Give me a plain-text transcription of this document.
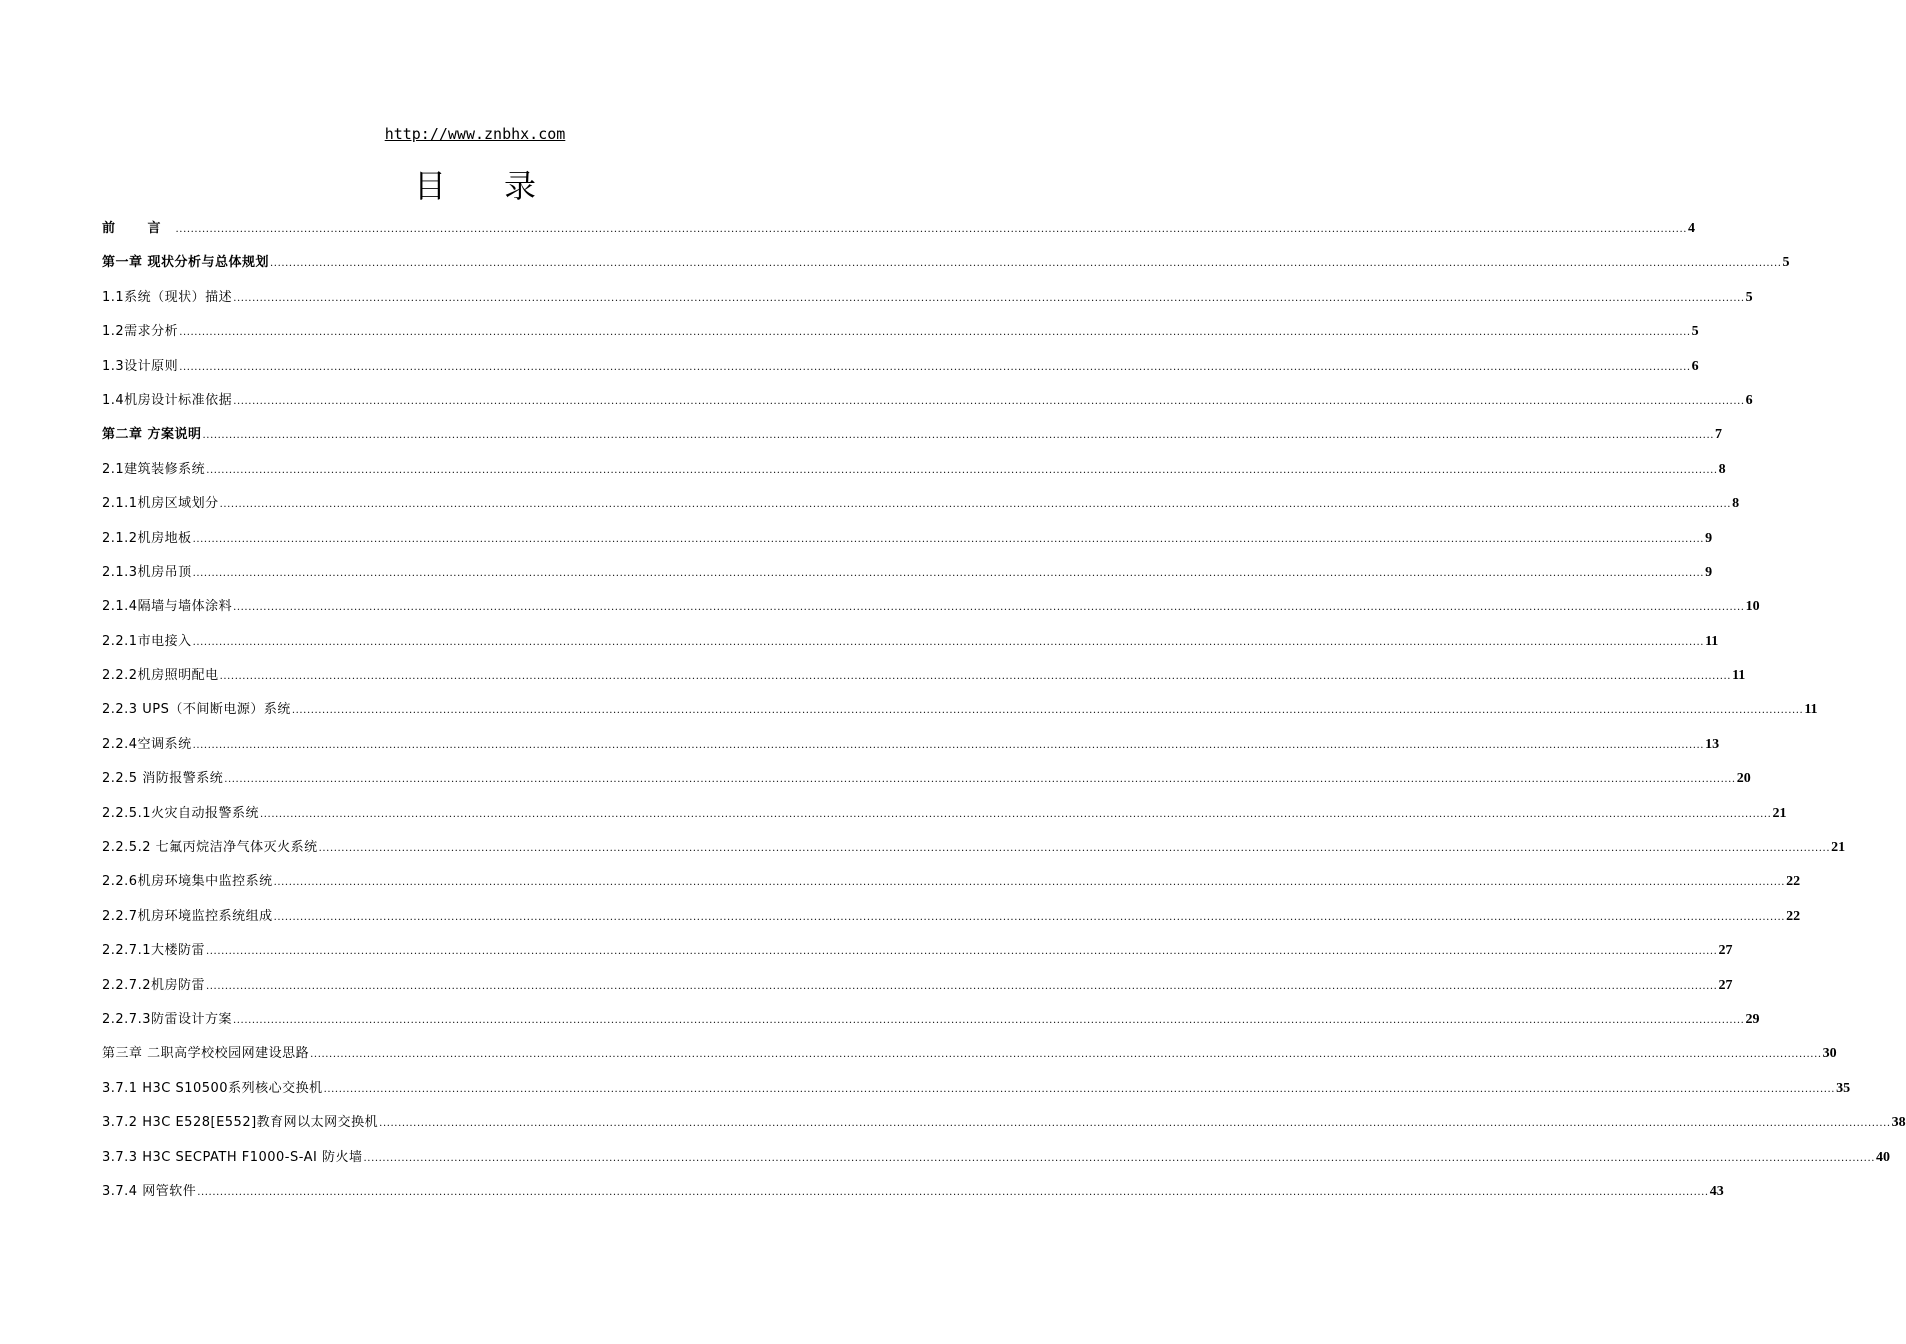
http://www.znbhx.com
目 录
前 言 ................................................................................................................................................................................................................................................................................................................................................................................................................ 4
第一章 现状分析与总体规划 ................................................................................................................................................................................................................................................................................................................................................................................................................ 5
1.1系统（现状）描述 ................................................................................................................................................................................................................................................................................................................................................................................................................ 5
1.2需求分析 ................................................................................................................................................................................................................................................................................................................................................................................................................ 5
1.3设计原则 ................................................................................................................................................................................................................................................................................................................................................................................................................ 6
1.4机房设计标准依据 ................................................................................................................................................................................................................................................................................................................................................................................................................ 6
第二章 方案说明 ................................................................................................................................................................................................................................................................................................................................................................................................................ 7
2.1建筑装修系统 ................................................................................................................................................................................................................................................................................................................................................................................................................ 8
2.1.1机房区域划分 ................................................................................................................................................................................................................................................................................................................................................................................................................ 8
2.1.2机房地板 ................................................................................................................................................................................................................................................................................................................................................................................................................ 9
2.1.3机房吊顶 ................................................................................................................................................................................................................................................................................................................................................................................................................ 9
2.1.4隔墙与墙体涂料 ................................................................................................................................................................................................................................................................................................................................................................................................................ 10
2.2.1市电接入 ................................................................................................................................................................................................................................................................................................................................................................................................................ 11
2.2.2机房照明配电 ................................................................................................................................................................................................................................................................................................................................................................................................................ 11
2.2.3 UPS（不间断电源）系统 ................................................................................................................................................................................................................................................................................................................................................................................................................ 11
2.2.4空调系统 ................................................................................................................................................................................................................................................................................................................................................................................................................ 13
2.2.5 消防报警系统 ................................................................................................................................................................................................................................................................................................................................................................................................................ 20
2.2.5.1火灾自动报警系统 ................................................................................................................................................................................................................................................................................................................................................................................................................ 21
2.2.5.2 七氟丙烷洁净气体灭火系统 ................................................................................................................................................................................................................................................................................................................................................................................................................ 21
2.2.6机房环境集中监控系统 ................................................................................................................................................................................................................................................................................................................................................................................................................ 22
2.2.7机房环境监控系统组成 ................................................................................................................................................................................................................................................................................................................................................................................................................ 22
2.2.7.1大楼防雷 ................................................................................................................................................................................................................................................................................................................................................................................................................ 27
2.2.7.2机房防雷 ................................................................................................................................................................................................................................................................................................................................................................................................................ 27
2.2.7.3防雷设计方案 ................................................................................................................................................................................................................................................................................................................................................................................................................ 29
第三章 二职高学校校园网建设思路 ................................................................................................................................................................................................................................................................................................................................................................................................................ 30
3.7.1 H3C S10500系列核心交换机 ................................................................................................................................................................................................................................................................................................................................................................................................................ 35
3.7.2 H3C E528[E552]教育网以太网交换机 ................................................................................................................................................................................................................................................................................................................................................................................................................ 38
3.7.3 H3C SECPATH F1000-S-AI 防火墙 ................................................................................................................................................................................................................................................................................................................................................................................................................ 40
3.7.4 网管软件 ................................................................................................................................................................................................................................................................................................................................................................................................................ 43
